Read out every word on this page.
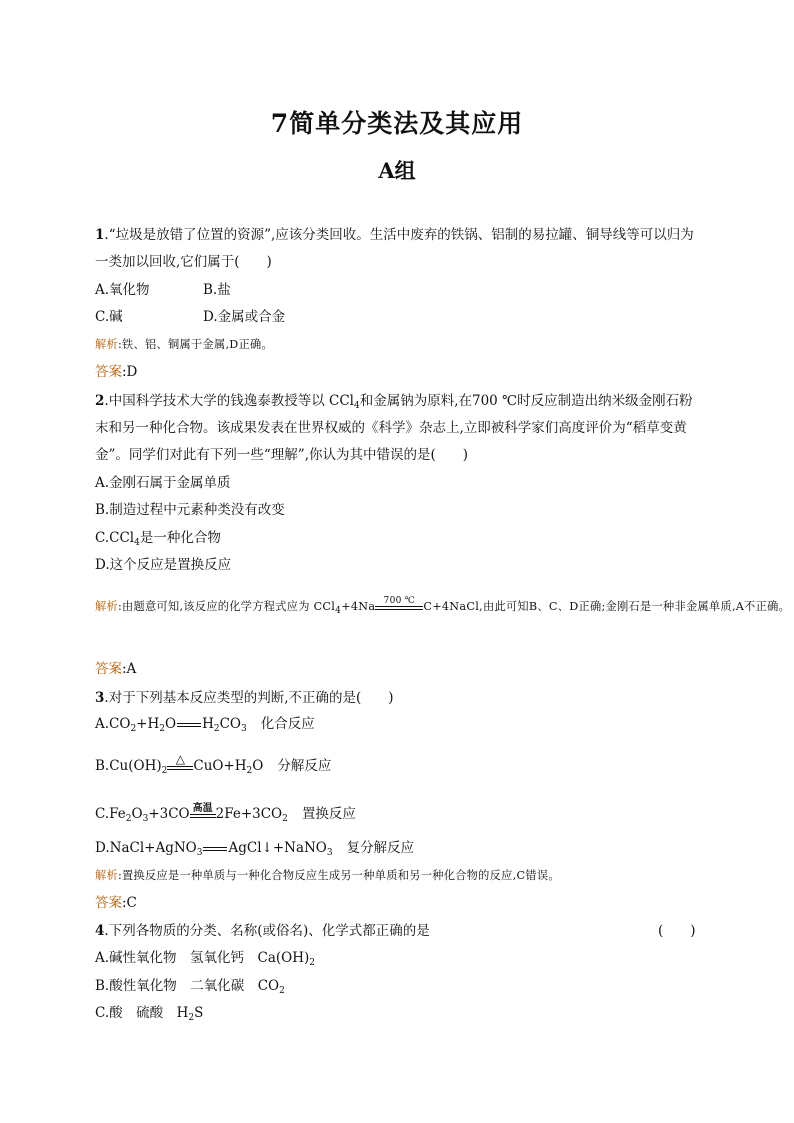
7简单分类法及其应用
A组
1.“垃圾是放错了位置的资源”,应该分类回收。生活中废弃的铁锅、铝制的易拉罐、铜导线等可以归为一类加以回收,它们属于(　　)
A.氧化物	B.盐
C.碱	D.金属或合金
解析:铁、铝、铜属于金属,D正确。
答案:D
2.中国科学技术大学的钱逸泰教授等以 CCl$_4$和金属钠为原料,在700 ℃时反应制造出纳米级金刚石粉末和另一种化合物。该成果发表在世界权威的《科学》杂志上,立即被科学家们高度评价为“稻草变黄金”。同学们对此有下列一些“理解”,你认为其中错误的是(　　)
A.金刚石属于金属单质
B.制造过程中元素种类没有改变
C.CCl$_4$是一种化合物
D.这个反应是置换反应
解析:由题意可知,该反应的化学方程式应为 CCl$_4$+4Na 700 ℃ C+4NaCl,由此可知B、C、D正确;金刚石是一种非金属单质,A不正确。
答案:A
3.对于下列基本反应类型的判断,不正确的是(　　)
$A.CO_2+H_2O$ $H_2CO_3$ 化合反应
$B.Cu(OH)_2$
△ $CuO+H_2O$ 分解反应
$C.Fe_2O_3+3CO$ 高温 $2Fe+3CO_2$ 置换反应
D.NaCl+AgNO$_3$ AgCl↓+NaNO$_3$ 复分解反应
解析:置换反应是一种单质与一种化合物反应生成另一种单质和另一种化合物的反应,C错误。
答案:C
4.下列各物质的分类、名称(或俗名)、化学式都正确的是	(　　)
A.碱性氧化物　氢氧化钙　$Ca(OH)_2$
B.酸性氧化物　二氧化碳　$CO_2$
C.酸　硫酸　$H_2S$
